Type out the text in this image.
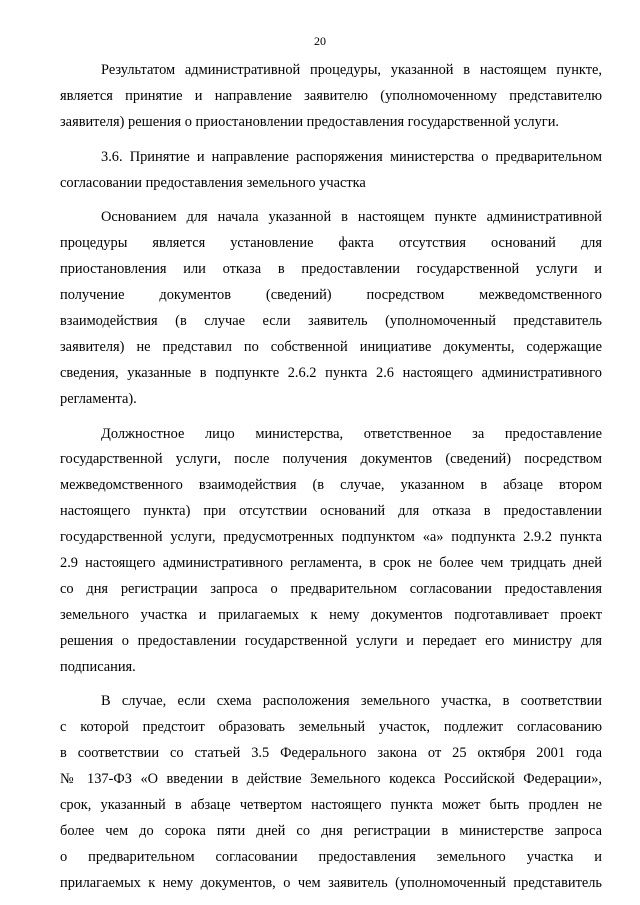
20
Результатом административной процедуры, указанной в настоящем пункте,
является принятие и направление заявителю (уполномоченному представителю
заявителя) решения о приостановлении предоставления государственной услуги.
3.6. Принятие и направление распоряжения министерства о предварительном
согласовании предоставления земельного участка
Основанием для начала указанной в настоящем пункте административной
процедуры является установление факта отсутствия оснований для
приостановления или отказа в предоставлении государственной услуги и
получение документов (сведений) посредством межведомственного
взаимодействия (в случае если заявитель (уполномоченный представитель
заявителя) не представил по собственной инициативе документы, содержащие
сведения, указанные в подпункте 2.6.2 пункта 2.6 настоящего административного
регламента).
Должностное лицо министерства, ответственное за предоставление
государственной услуги, после получения документов (сведений) посредством
межведомственного взаимодействия (в случае, указанном в абзаце втором
настоящего пункта) при отсутствии оснований для отказа в предоставлении
государственной услуги, предусмотренных подпунктом «а» подпункта 2.9.2 пункта
2.9 настоящего административного регламента, в срок не более чем тридцать дней
со дня регистрации запроса о предварительном согласовании предоставления
земельного участка и прилагаемых к нему документов подготавливает проект
решения о предоставлении государственной услуги и передает его министру для
подписания.
В случае, если схема расположения земельного участка, в соответствии
с которой предстоит образовать земельный участок, подлежит согласованию
в соответствии со статьей 3.5 Федерального закона от 25 октября 2001 года
№ 137-ФЗ «О введении в действие Земельного кодекса Российской Федерации»,
срок, указанный в абзаце четвертом настоящего пункта может быть продлен не
более чем до сорока пяти дней со дня регистрации в министерстве запроса
о предварительном согласовании предоставления земельного участка и
прилагаемых к нему документов, о чем заявитель (уполномоченный представитель
